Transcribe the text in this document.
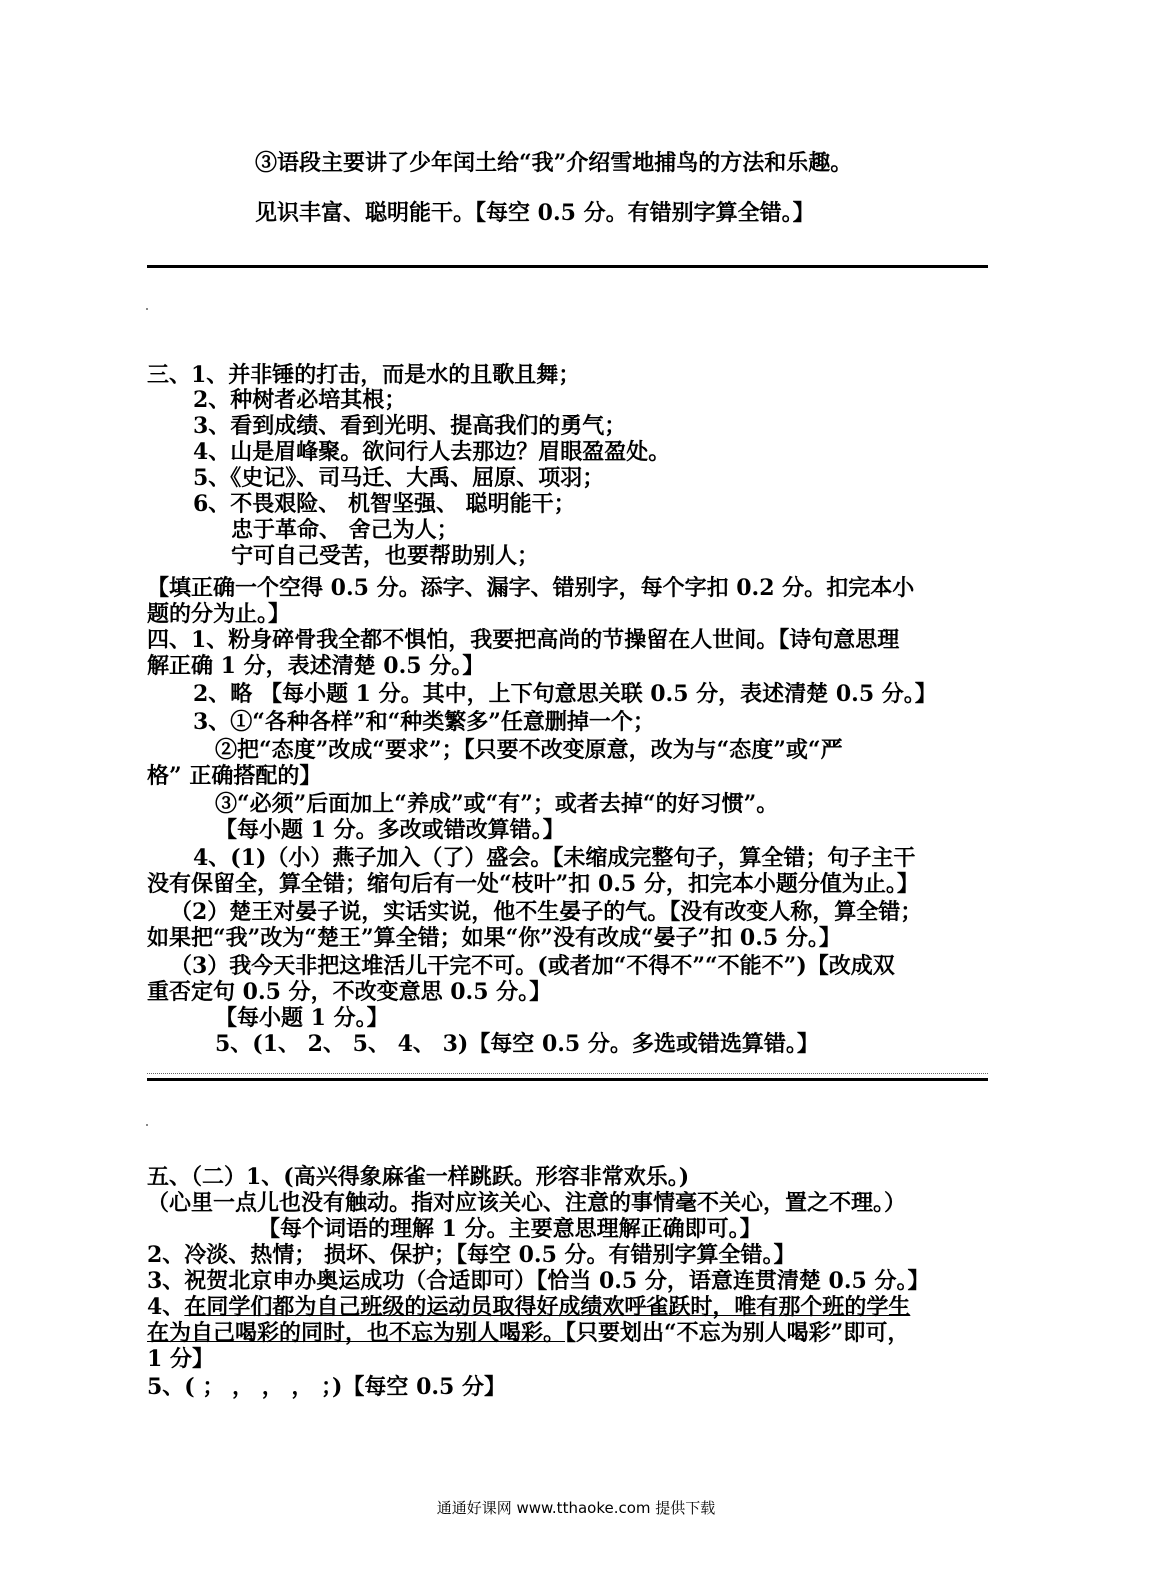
③语段主要讲了少年闰土给“我”介绍雪地捕鸟的方法和乐趣。
见识丰富、聪明能干。【每空 0.5 分。有错别字算全错。】
三、1、并非锤的打击，而是水的且歌且舞；
2、种树者必培其根；
3、看到成绩、看到光明、提高我们的勇气；
4、山是眉峰聚。欲问行人去那边？眉眼盈盈处。
5、《史记》、司马迁、大禹、屈原、项羽；
6、不畏艰险、 机智坚强、 聪明能干；
忠于革命、 舍己为人；
宁可自己受苦，也要帮助别人；
【填正确一个空得 0.5 分。添字、漏字、错别字，每个字扣 0.2 分。扣完本小
题的分为止。】
四、1、粉身碎骨我全都不惧怕，我要把高尚的节操留在人世间。【诗句意思理
解正确 1 分，表述清楚 0.5 分。】
2、略 【每小题 1 分。其中，上下句意思关联 0.5 分，表述清楚 0.5 分。】
3、①“各种各样”和“种类繁多”任意删掉一个；
②把“态度”改成“要求”；【只要不改变原意，改为与“态度”或“严
格” 正确搭配的】
③“必须”后面加上“养成”或“有”；或者去掉“的好习惯”。
【每小题 1 分。多改或错改算错。】
4、(1)（小）燕子加入（了）盛会。【未缩成完整句子，算全错；句子主干
没有保留全，算全错；缩句后有一处“枝叶”扣 0.5 分，扣完本小题分值为止。】
（2）楚王对晏子说，实话实说，他不生晏子的气。【没有改变人称，算全错；
如果把“我”改为“楚王”算全错；如果“你”没有改成“晏子”扣 0.5 分。】
（3）我今天非把这堆活儿干完不可。(或者加“不得不”“不能不”)【改成双
重否定句 0.5 分，不改变意思 0.5 分。】
【每小题 1 分。】
5、(1、 2、 5、 4、 3)【每空 0.5 分。多选或错选算错。】
五、（二）1、(高兴得象麻雀一样跳跃。形容非常欢乐。)
（心里一点儿也没有触动。指对应该关心、注意的事情毫不关心，置之不理。）
【每个词语的理解 1 分。主要意思理解正确即可。】
2、冷淡、热情； 损坏、保护；【每空 0.5 分。有错别字算全错。】
3、祝贺北京申办奥运成功（合适即可）【恰当 0.5 分，语意连贯清楚 0.5 分。】
4、在同学们都为自己班级的运动员取得好成绩欢呼雀跃时，唯有那个班的学生
在为自己喝彩的同时，也不忘为别人喝彩。【只要划出“不忘为别人喝彩”即可，
1 分】
5、( ； ， ， ， ；)【每空 0.5 分】
通通好课网 www.tthaoke.com 提供下载
